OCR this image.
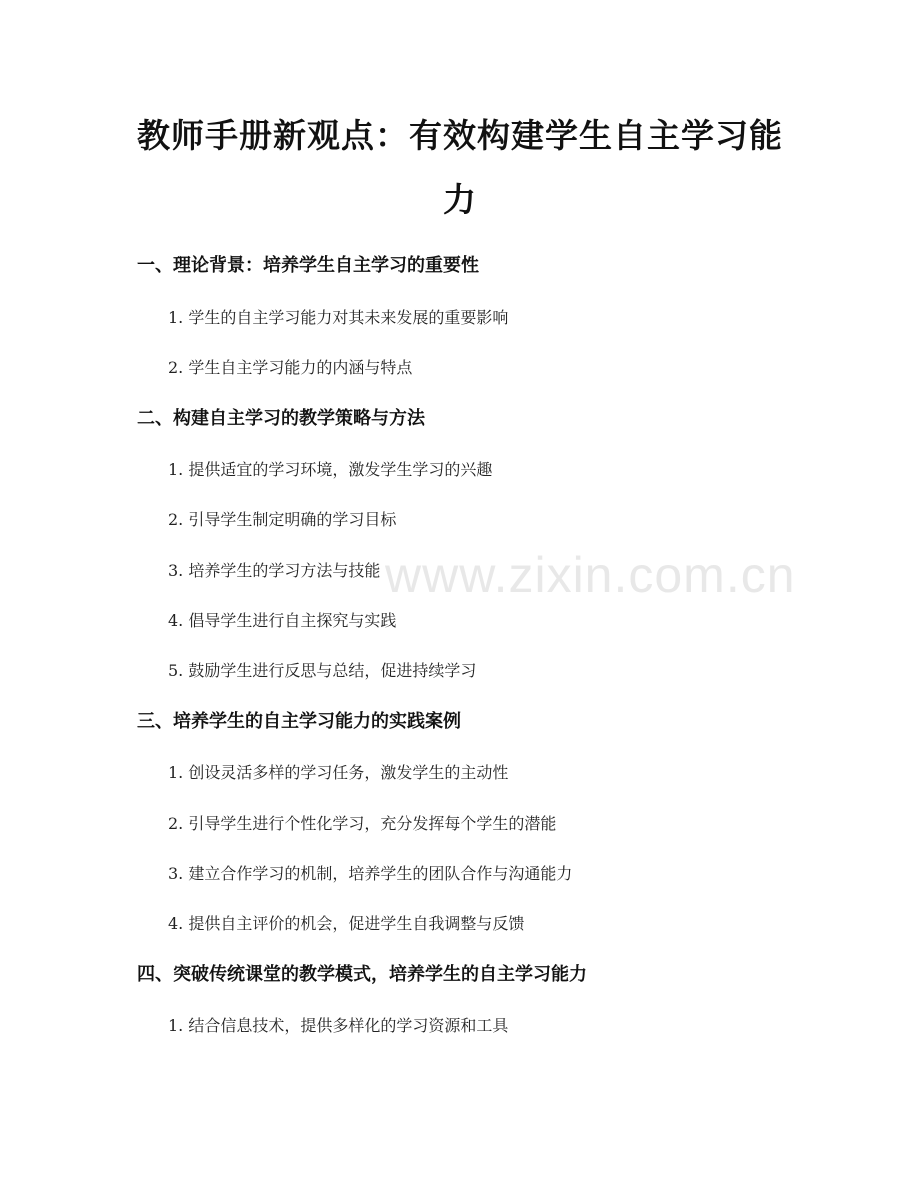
www.zixin.com.cn
教师手册新观点：有效构建学生自主学习能力
一、理论背景：培养学生自主学习的重要性
1. 学生的自主学习能力对其未来发展的重要影响
2. 学生自主学习能力的内涵与特点
二、构建自主学习的教学策略与方法
1. 提供适宜的学习环境，激发学生学习的兴趣
2. 引导学生制定明确的学习目标
3. 培养学生的学习方法与技能
4. 倡导学生进行自主探究与实践
5. 鼓励学生进行反思与总结，促进持续学习
三、培养学生的自主学习能力的实践案例
1. 创设灵活多样的学习任务，激发学生的主动性
2. 引导学生进行个性化学习，充分发挥每个学生的潜能
3. 建立合作学习的机制，培养学生的团队合作与沟通能力
4. 提供自主评价的机会，促进学生自我调整与反馈
四、突破传统课堂的教学模式，培养学生的自主学习能力
1. 结合信息技术，提供多样化的学习资源和工具
